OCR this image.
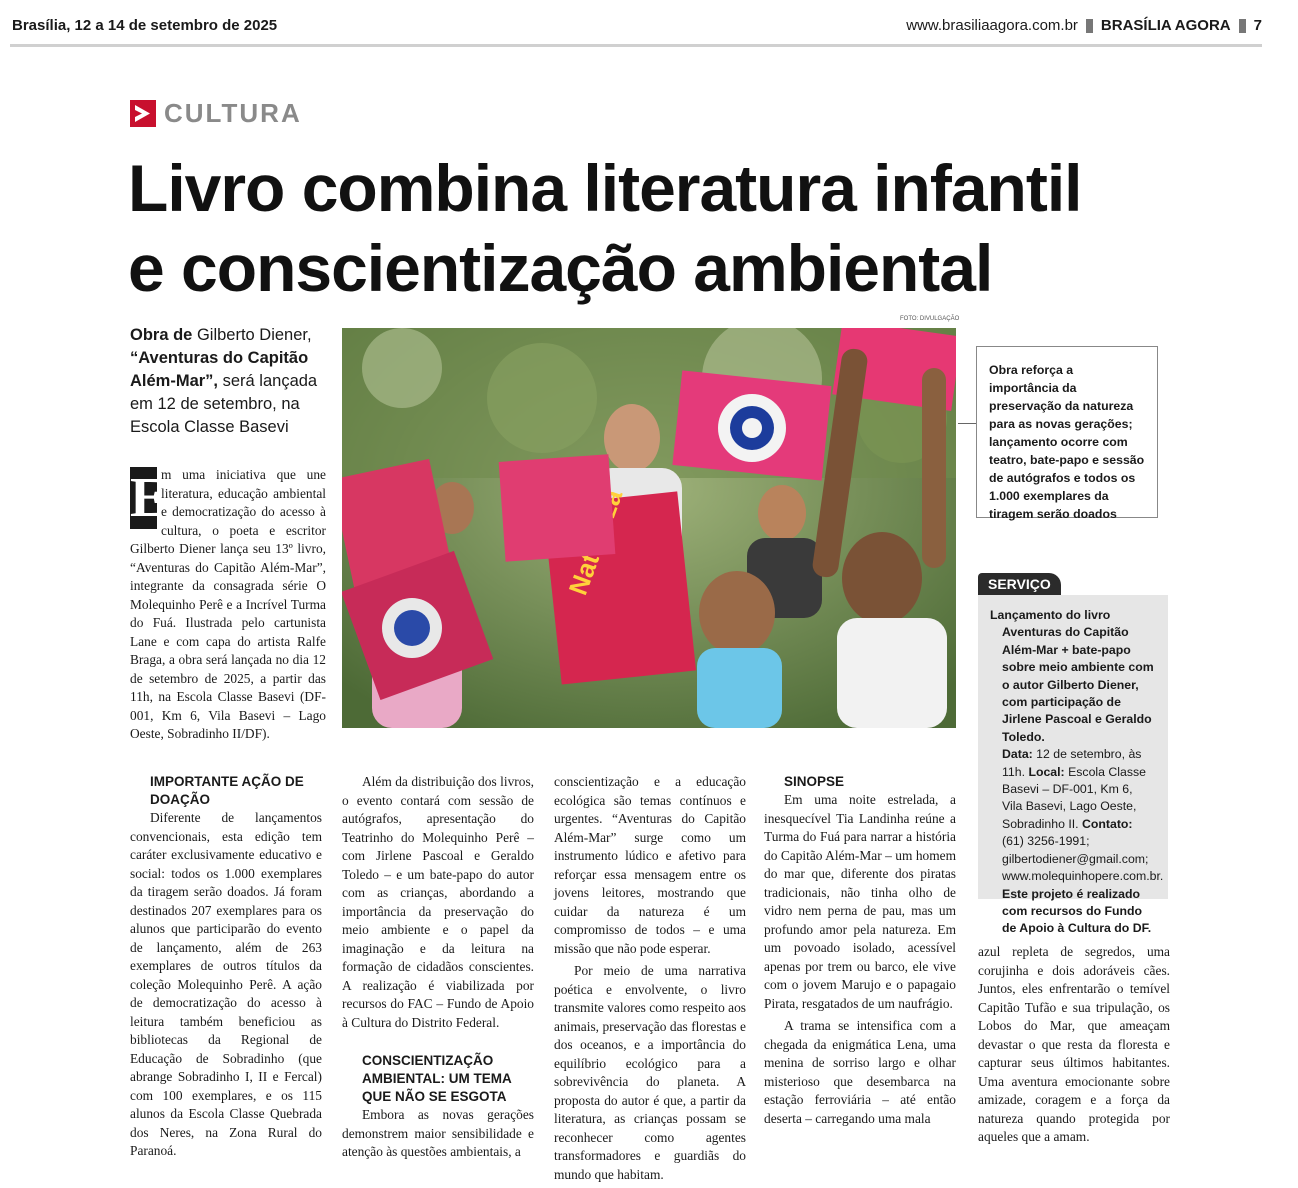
Brasília, 12 a 14 de setembro de 2025	www.brasiliaagora.com.br BRASÍLIA AGORA 7
CULTURA
Livro combina literatura infantil
e conscientização ambiental
Obra de Gilberto Diener, “Aventuras do Capitão Além-Mar”, será lançada em 12 de setembro, na Escola Classe Basevi
E
m uma iniciativa que une literatura, educação ambiental e democratização do acesso à cultura, o poeta e escritor Gilberto Diener lança seu 13º livro, “Aventuras do Capitão Além-Mar”, integrante da consagrada série O Molequinho Perê e a Incrível Turma do Fuá. Ilustrada pelo cartunista Lane e com capa do artista Ralfe Braga, a obra será lançada no dia 12 de setembro de 2025, a partir das 11h, na Escola Classe Basevi (DF-001, Km 6, Vila Basevi – Lago Oeste, Sobradinho II/DF).
FOTO: DIVULGAÇÃO
Obra reforça a importância da preservação da natureza para as novas gerações; lançamento ocorre com teatro, bate-papo e sessão de autógrafos e todos os 1.000 exemplares da tiragem serão doados
SERVIÇO

Lançamento do livro

Aventuras do Capitão Além-Mar + bate-papo sobre meio ambiente com o autor Gilberto Diener, com participação de Jirlene Pascoal e Geraldo Toledo.

Data: 12 de setembro, às 11h. Local: Escola Classe Basevi – DF-001, Km 6, Vila Basevi, Lago Oeste, Sobradinho II. Contato: (61) 3256-1991; gilbertodiener@gmail.com; www.molequinhopere.com.br.

Este projeto é realizado com recursos do Fundo de Apoio à Cultura do DF.

IMPORTANTE AÇÃO DE DOAÇÃO

Diferente de lançamentos convencionais, esta edição tem caráter exclusivamente educativo e social: todos os 1.000 exemplares da tiragem serão doados. Já foram destinados 207 exemplares para os alunos que participarão do evento de lançamento, além de 263 exemplares de outros títulos da coleção Molequinho Perê. A ação de democratização do acesso à leitura também beneficiou as bibliotecas da Regional de Educação de Sobradinho (que abrange Sobradinho I, II e Fercal) com 100 exemplares, e os 115 alunos da Escola Classe Quebrada dos Neres, na Zona Rural do Paranoá.

Além da distribuição dos livros, o evento contará com sessão de autógrafos, apresentação do Teatrinho do Molequinho Perê – com Jirlene Pascoal e Geraldo Toledo – e um bate-papo do autor com as crianças, abordando a importância da preservação do meio ambiente e o papel da imaginação e da leitura na formação de cidadãos conscientes. A realização é viabilizada por recursos do FAC – Fundo de Apoio à Cultura do Distrito Federal.

CONSCIENTIZAÇÃO AMBIENTAL: UM TEMA QUE NÃO SE ESGOTA

Embora as novas gerações demonstrem maior sensibilidade e atenção às questões ambientais, a

conscientização e a educação ecológica são temas contínuos e urgentes. “Aventuras do Capitão Além-Mar” surge como um instrumento lúdico e afetivo para reforçar essa mensagem entre os jovens leitores, mostrando que cuidar da natureza é um compromisso de todos – e uma missão que não pode esperar.

Por meio de uma narrativa poética e envolvente, o livro transmite valores como respeito aos animais, preservação das florestas e dos oceanos, e a importância do equilíbrio ecológico para a sobrevivência do planeta. A proposta do autor é que, a partir da literatura, as crianças possam se reconhecer como agentes transformadores e guardiãs do mundo que habitam.

SINOPSE

Em uma noite estrelada, a inesquecível Tia Landinha reúne a Turma do Fuá para narrar a história do Capitão Além-Mar – um homem do mar que, diferente dos piratas tradicionais, não tinha olho de vidro nem perna de pau, mas um profundo amor pela natureza. Em um povoado isolado, acessível apenas por trem ou barco, ele vive com o jovem Marujo e o papagaio Pirata, resgatados de um naufrágio.

A trama se intensifica com a chegada da enigmática Lena, uma menina de sorriso largo e olhar misterioso que desembarca na estação ferroviária – até então deserta – carregando uma mala

azul repleta de segredos, uma corujinha e dois adoráveis cães. Juntos, eles enfrentarão o temível Capitão Tufão e sua tripulação, os Lobos do Mar, que ameaçam devastar o que resta da floresta e capturar seus últimos habitantes. Uma aventura emocionante sobre amizade, coragem e a força da natureza quando protegida por aqueles que a amam.
